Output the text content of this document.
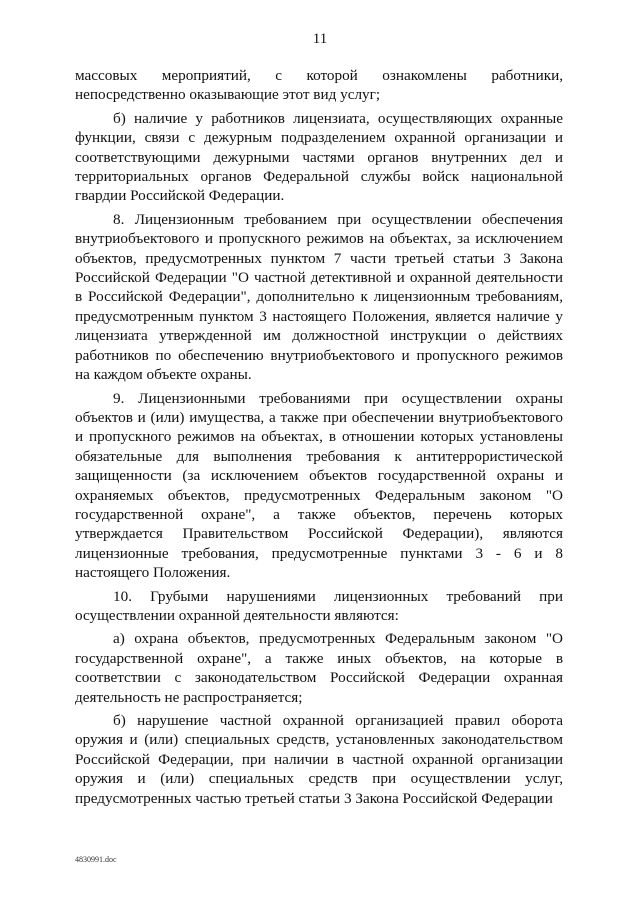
11

массовых мероприятий, с которой ознакомлены работники, непосредственно оказывающие этот вид услуг;

б) наличие у работников лицензиата, осуществляющих охранные функции, связи с дежурным подразделением охранной организации и соответствующими дежурными частями органов внутренних дел и территориальных органов Федеральной службы войск национальной гвардии Российской Федерации.

8. Лицензионным требованием при осуществлении обеспечения внутриобъектового и пропускного режимов на объектах, за исключением объектов, предусмотренных пунктом 7 части третьей статьи 3 Закона Российской Федерации "О частной детективной и охранной деятельности в Российской Федерации", дополнительно к лицензионным требованиям, предусмотренным пунктом 3 настоящего Положения, является наличие у лицензиата утвержденной им должностной инструкции о действиях работников по обеспечению внутриобъектового и пропускного режимов на каждом объекте охраны.

9. Лицензионными требованиями при осуществлении охраны объектов и (или) имущества, а также при обеспечении внутриобъектового и пропускного режимов на объектах, в отношении которых установлены обязательные для выполнения требования к антитеррористической защищенности (за исключением объектов государственной охраны и охраняемых объектов, предусмотренных Федеральным законом "О государственной охране", а также объектов, перечень которых утверждается Правительством Российской Федерации), являются лицензионные требования, предусмотренные пунктами 3 - 6 и 8 настоящего Положения.

10. Грубыми нарушениями лицензионных требований при осуществлении охранной деятельности являются:

а) охрана объектов, предусмотренных Федеральным законом "О государственной охране", а также иных объектов, на которые в соответствии с законодательством Российской Федерации охранная деятельность не распространяется;

б) нарушение частной охранной организацией правил оборота оружия и (или) специальных средств, установленных законодательством Российской Федерации, при наличии в частной охранной организации оружия и (или) специальных средств при осуществлении услуг, предусмотренных частью третьей статьи 3 Закона Российской Федерации

4830991.doc
